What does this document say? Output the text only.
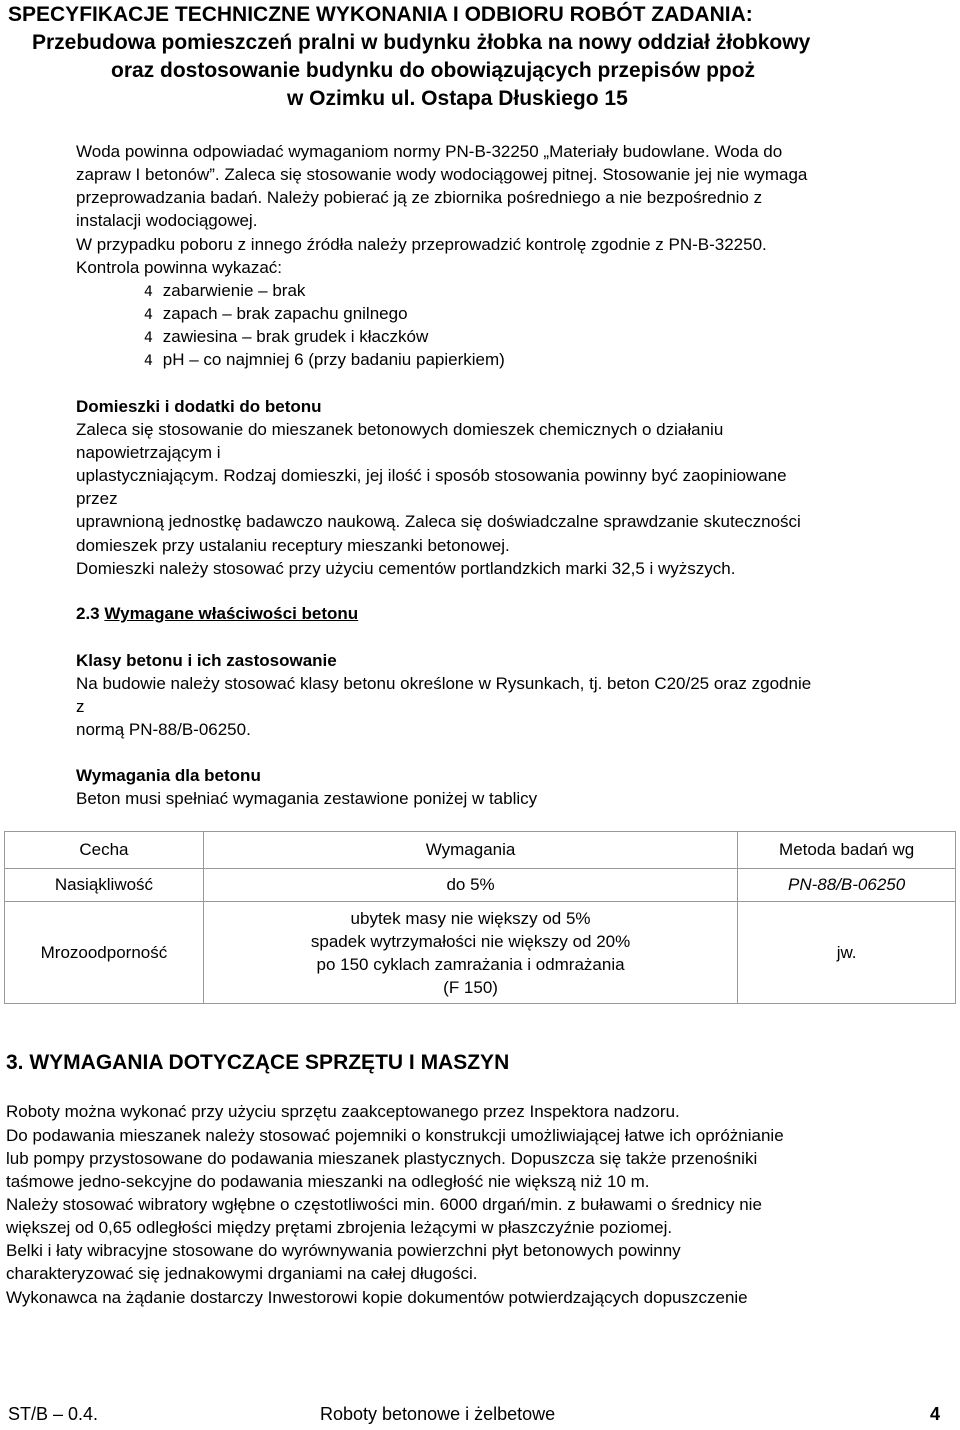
SPECYFIKACJE TECHNICZNE WYKONANIA I ODBIORU ROBÓT ZADANIA:
Przebudowa pomieszczeń pralni w budynku żłobka na nowy oddział żłobkowy
oraz dostosowanie budynku do obowiązujących przepisów ppoż
w Ozimku ul. Ostapa Dłuskiego 15
Woda powinna odpowiadać wymaganiom normy PN-B-32250 „Materiały budowlane. Woda do
zapraw I betonów”. Zaleca się stosowanie wody wodociągowej pitnej. Stosowanie jej nie wymaga
przeprowadzania badań. Należy pobierać ją ze zbiornika pośredniego a nie bezpośrednio z
instalacji wodociągowej.
W przypadku poboru z innego źródła należy przeprowadzić kontrolę zgodnie z PN-B-32250.
Kontrola powinna wykazać:
4 zabarwienie – brak
4 zapach – brak zapachu gnilnego
4 zawiesina – brak grudek i kłaczków
4 pH – co najmniej 6 (przy badaniu papierkiem)
Domieszki i dodatki do betonu
Zaleca się stosowanie do mieszanek betonowych domieszek chemicznych o działaniu
napowietrzającym i
uplastyczniającym. Rodzaj domieszki, jej ilość i sposób stosowania powinny być zaopiniowane
przez
uprawnioną jednostkę badawczo naukową. Zaleca się doświadczalne sprawdzanie skuteczności
domieszek przy ustalaniu receptury mieszanki betonowej.
Domieszki należy stosować przy użyciu cementów portlandzkich marki 32,5 i wyższych.
2.3 Wymagane właściwości betonu
Klasy betonu i ich zastosowanie
Na budowie należy stosować klasy betonu określone w Rysunkach, tj. beton C20/25 oraz zgodnie
z
normą PN-88/B-06250.
Wymagania dla betonu
Beton musi spełniać wymagania zestawione poniżej w tablicy
Cecha	Wymagania	Metoda badań wg
Nasiąkliwość	do 5%	PN-88/B-06250
Mrozoodporność	ubytek masy nie większy od 5%
spadek wytrzymałości nie większy od 20%
po 150 cyklach zamrażania i odmrażania
(F 150)	jw.
3. WYMAGANIA DOTYCZĄCE SPRZĘTU I MASZYN
Roboty można wykonać przy użyciu sprzętu zaakceptowanego przez Inspektora nadzoru.
Do podawania mieszanek należy stosować pojemniki o konstrukcji umożliwiającej łatwe ich opróżnianie
lub pompy przystosowane do podawania mieszanek plastycznych. Dopuszcza się także przenośniki
taśmowe jedno-sekcyjne do podawania mieszanki na odległość nie większą niż 10 m.
Należy stosować wibratory wgłębne o częstotliwości min. 6000 drgań/min. z buławami o średnicy nie
większej od 0,65 odległości między prętami zbrojenia leżącymi w płaszczyźnie poziomej.
Belki i łaty wibracyjne stosowane do wyrównywania powierzchni płyt betonowych powinny
charakteryzować się jednakowymi drganiami na całej długości.
Wykonawca na żądanie dostarczy Inwestorowi kopie dokumentów potwierdzających dopuszczenie
ST/B – 0.4.	Roboty betonowe i żelbetowe	4
